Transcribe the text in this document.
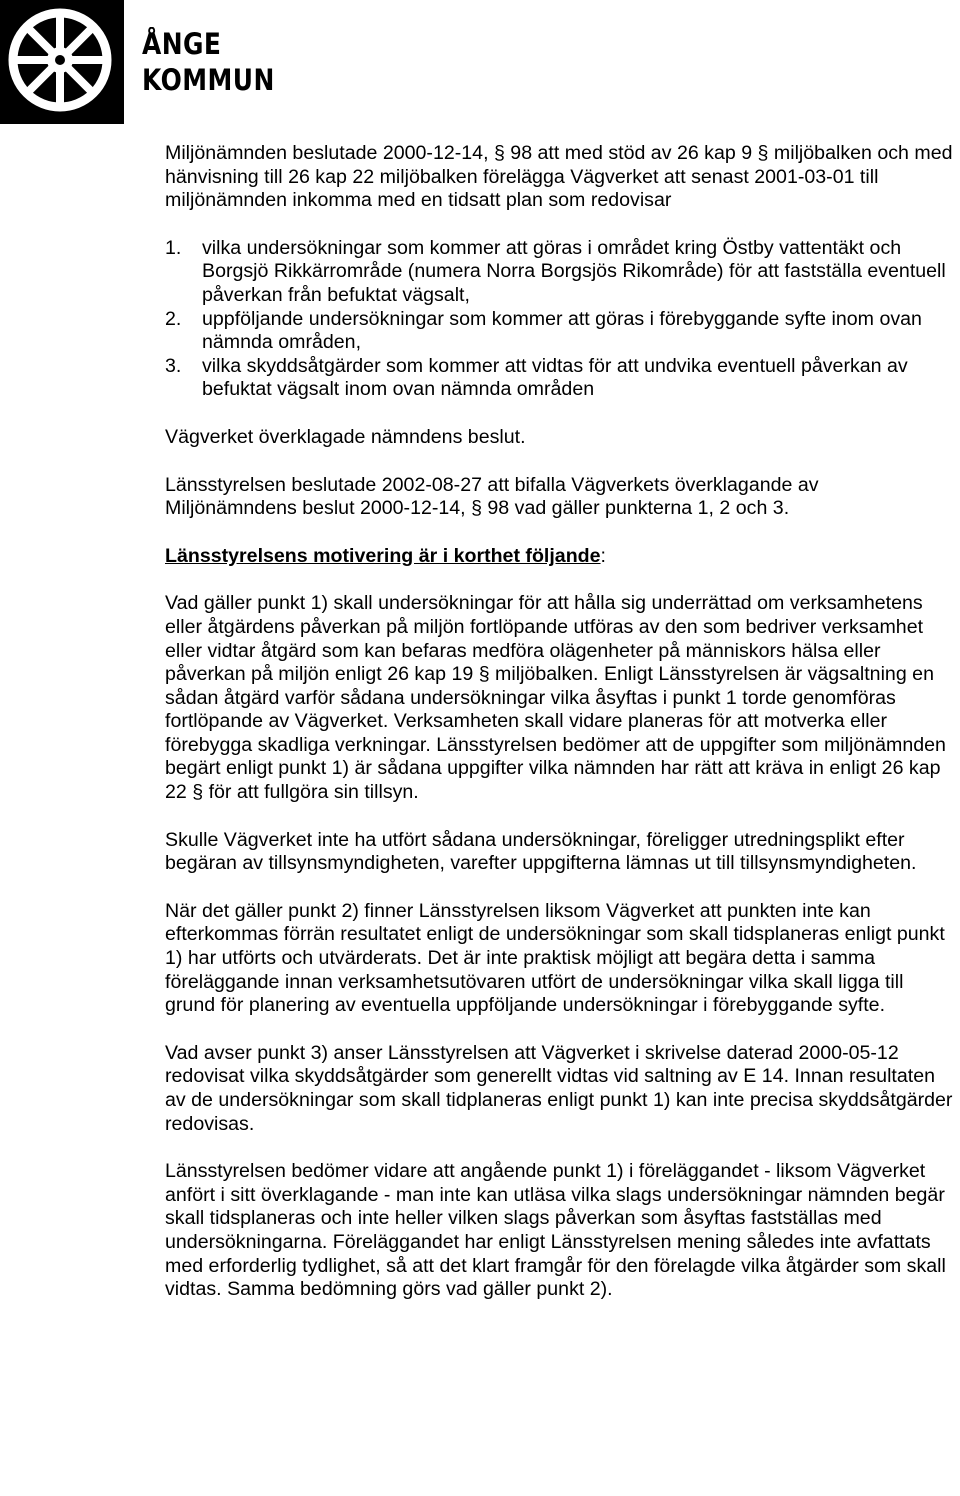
ÅNGE
KOMMUN

Miljönämnden beslutade 2000-12-14, § 98 att med stöd av 26 kap 9 § miljöbalken och med hänvisning till 26 kap 22 miljöbalken förelägga Vägverket att senast 2001-03-01 till miljönämnden inkomma med en tidsatt plan som redovisar

1. vilka undersökningar som kommer att göras i området kring Östby vattentäkt och Borgsjö Rikkärrområde (numera Norra Borgsjös Rikområde) för att fastställa eventuell påverkan från befuktat vägsalt,
2. uppföljande undersökningar som kommer att göras i förebyggande syfte inom ovan nämnda områden,
3. vilka skyddsåtgärder som kommer att vidtas för att undvika eventuell påverkan av befuktat vägsalt inom ovan nämnda områden

Vägverket överklagade nämndens beslut.

Länsstyrelsen beslutade 2002-08-27 att bifalla Vägverkets överklagande av Miljönämndens beslut 2000-12-14, § 98 vad gäller punkterna 1, 2 och 3.

Länsstyrelsens motivering är i korthet följande:

Vad gäller punkt 1) skall undersökningar för att hålla sig underrättad om verksamhetens eller åtgärdens påverkan på miljön fortlöpande utföras av den som bedriver verksamhet eller vidtar åtgärd som kan befaras medföra olägenheter på människors hälsa eller påverkan på miljön enligt 26 kap 19 § miljöbalken. Enligt Länsstyrelsen är vägsaltning en sådan åtgärd varför sådana undersökningar vilka åsyftas i punkt 1 torde genomföras fortlöpande av Vägverket. Verksamheten skall vidare planeras för att motverka eller förebygga skadliga verkningar. Länsstyrelsen bedömer att de uppgifter som miljönämnden begärt enligt punkt 1) är sådana uppgifter vilka nämnden har rätt att kräva in enligt 26 kap 22 § för att fullgöra sin tillsyn.

Skulle Vägverket inte ha utfört sådana undersökningar, föreligger utredningsplikt efter begäran av tillsynsmyndigheten, varefter uppgifterna lämnas ut till tillsynsmyndigheten.

När det gäller punkt 2) finner Länsstyrelsen liksom Vägverket att punkten inte kan efterkommas förrän resultatet enligt de undersökningar som skall tidsplaneras enligt punkt 1) har utförts och utvärderats. Det är inte praktisk möjligt att begära detta i samma föreläggande innan verksamhetsutövaren utfört de undersökningar vilka skall ligga till grund för planering av eventuella uppföljande undersökningar i förebyggande syfte.

Vad avser punkt 3) anser Länsstyrelsen att Vägverket i skrivelse daterad 2000-05-12 redovisat vilka skyddsåtgärder som generellt vidtas vid saltning av E 14. Innan resultaten av de undersökningar som skall tidplaneras enligt punkt 1) kan inte precisa skyddsåtgärder redovisas.

Länsstyrelsen bedömer vidare att angående punkt 1) i föreläggandet - liksom Vägverket anfört i sitt överklagande - man inte kan utläsa vilka slags undersökningar nämnden begär skall tidsplaneras och inte heller vilken slags påverkan som åsyftas fastställas med undersökningarna. Föreläggandet har enligt Länsstyrelsen mening således inte avfattats med erforderlig tydlighet, så att det klart framgår för den förelagde vilka åtgärder som skall vidtas. Samma bedömning görs vad gäller punkt 2).
